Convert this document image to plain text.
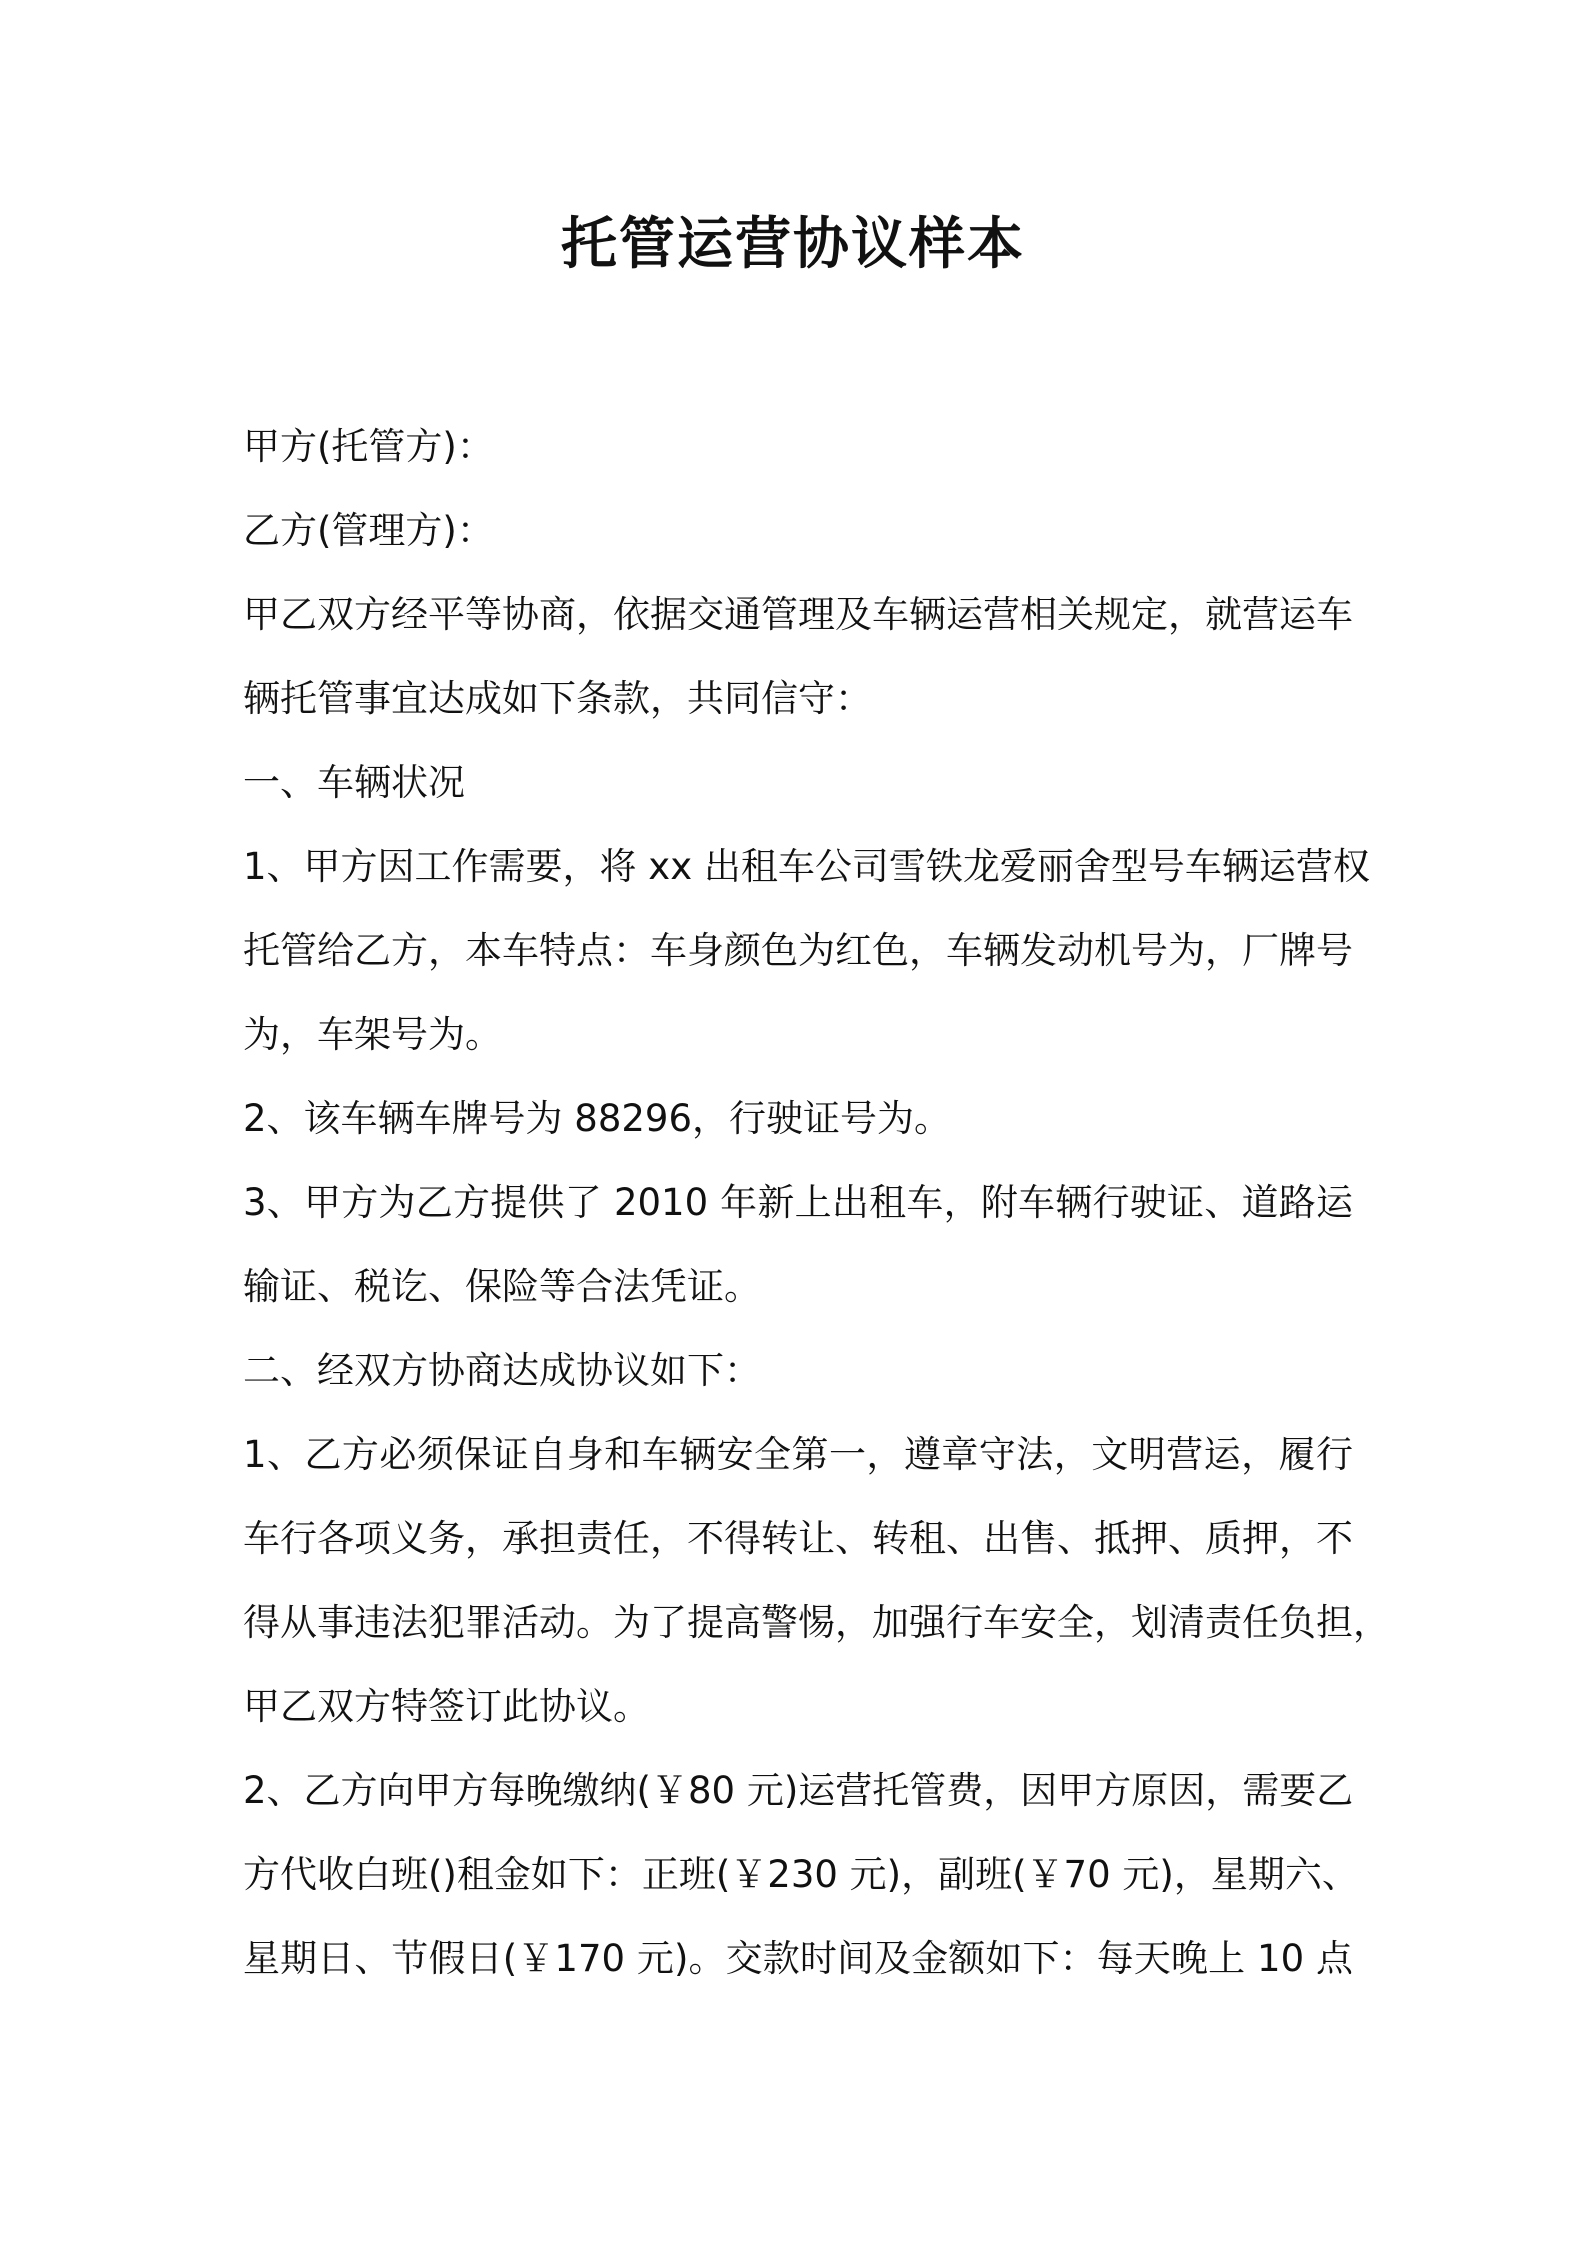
托管运营协议样本
甲方(托管方)：
乙方(管理方)：
甲乙双方经平等协商，依据交通管理及车辆运营相关规定，就营运车
辆托管事宜达成如下条款，共同信守：
一、车辆状况
1、甲方因工作需要，将 xx 出租车公司雪铁龙爱丽舍型号车辆运营权
托管给乙方，本车特点：车身颜色为红色，车辆发动机号为，厂牌号
为，车架号为。
2、该车辆车牌号为 88296，行驶证号为。
3、甲方为乙方提供了 2010 年新上出租车，附车辆行驶证、道路运
输证、税讫、保险等合法凭证。
二、经双方协商达成协议如下：
1、乙方必须保证自身和车辆安全第一，遵章守法，文明营运，履行
车行各项义务，承担责任，不得转让、转租、出售、抵押、质押，不
得从事违法犯罪活动。为了提高警惕，加强行车安全，划清责任负担，
甲乙双方特签订此协议。
2、乙方向甲方每晚缴纳(￥80 元)运营托管费，因甲方原因，需要乙
方代收白班()租金如下：正班(￥230 元)，副班(￥70 元)，星期六、
星期日、节假日(￥170 元)。交款时间及金额如下：每天晚上 10 点
